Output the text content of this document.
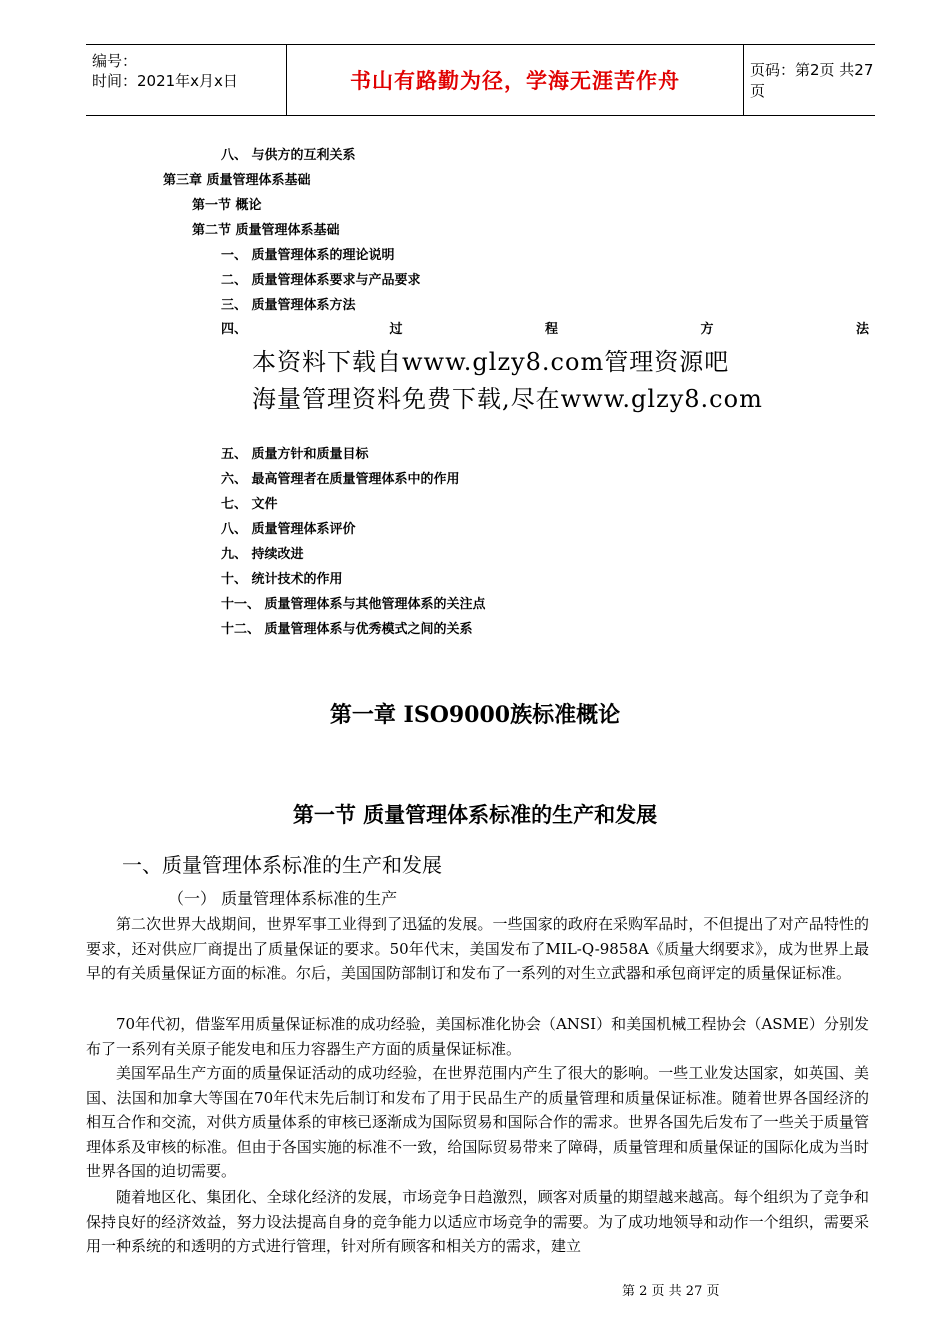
编号：
时间：2021年x月x日	书山有路勤为径，学海无涯苦作舟	页码：第2页 共27页
八、 与供方的互利关系
第三章 质量管理体系基础
第一节 概论
第二节 质量管理体系基础
一、 质量管理体系的理论说明
二、 质量管理体系要求与产品要求
三、 质量管理体系方法
四、	过	程	方	法
五、 质量方针和质量目标
六、 最高管理者在质量管理体系中的作用
七、 文件
八、 质量管理体系评价
九、 持续改进
十、 统计技术的作用
十一、 质量管理体系与其他管理体系的关注点
十二、 质量管理体系与优秀模式之间的关系
本资料下载自www.glzy8.com管理资源吧
海量管理资料免费下载,尽在www.glzy8.com
第一章 ISO9000族标准概论
第一节 质量管理体系标准的生产和发展
一、质量管理体系标准的生产和发展
（一） 质量管理体系标准的生产

第二次世界大战期间，世界军事工业得到了迅猛的发展。一些国家的政府在采购军品时，不但提出了对产品特性的要求，还对供应厂商提出了质量保证的要求。50年代末，美国发布了MIL-Q-9858A《质量大纲要求》，成为世界上最早的有关质量保证方面的标准。尔后，美国国防部制订和发布了一系列的对生立武器和承包商评定的质量保证标准。

70年代初，借鉴军用质量保证标准的成功经验，美国标准化协会（ANSI）和美国机械工程协会（ASME）分别发布了一系列有关原子能发电和压力容器生产方面的质量保证标准。

美国军品生产方面的质量保证活动的成功经验，在世界范围内产生了很大的影响。一些工业发达国家，如英国、美国、法国和加拿大等国在70年代末先后制订和发布了用于民品生产的质量管理和质量保证标准。随着世界各国经济的相互合作和交流，对供方质量体系的审核已逐渐成为国际贸易和国际合作的需求。世界各国先后发布了一些关于质量管理体系及审核的标准。但由于各国实施的标准不一致，给国际贸易带来了障碍，质量管理和质量保证的国际化成为当时世界各国的迫切需要。

随着地区化、集团化、全球化经济的发展，市场竞争日趋激烈，顾客对质量的期望越来越高。每个组织为了竞争和保持良好的经济效益，努力设法提高自身的竞争能力以适应市场竞争的需要。为了成功地领导和动作一个组织，需要采用一种系统的和透明的方式进行管理，针对所有顾客和相关方的需求，建立

第 2 页 共 27 页
